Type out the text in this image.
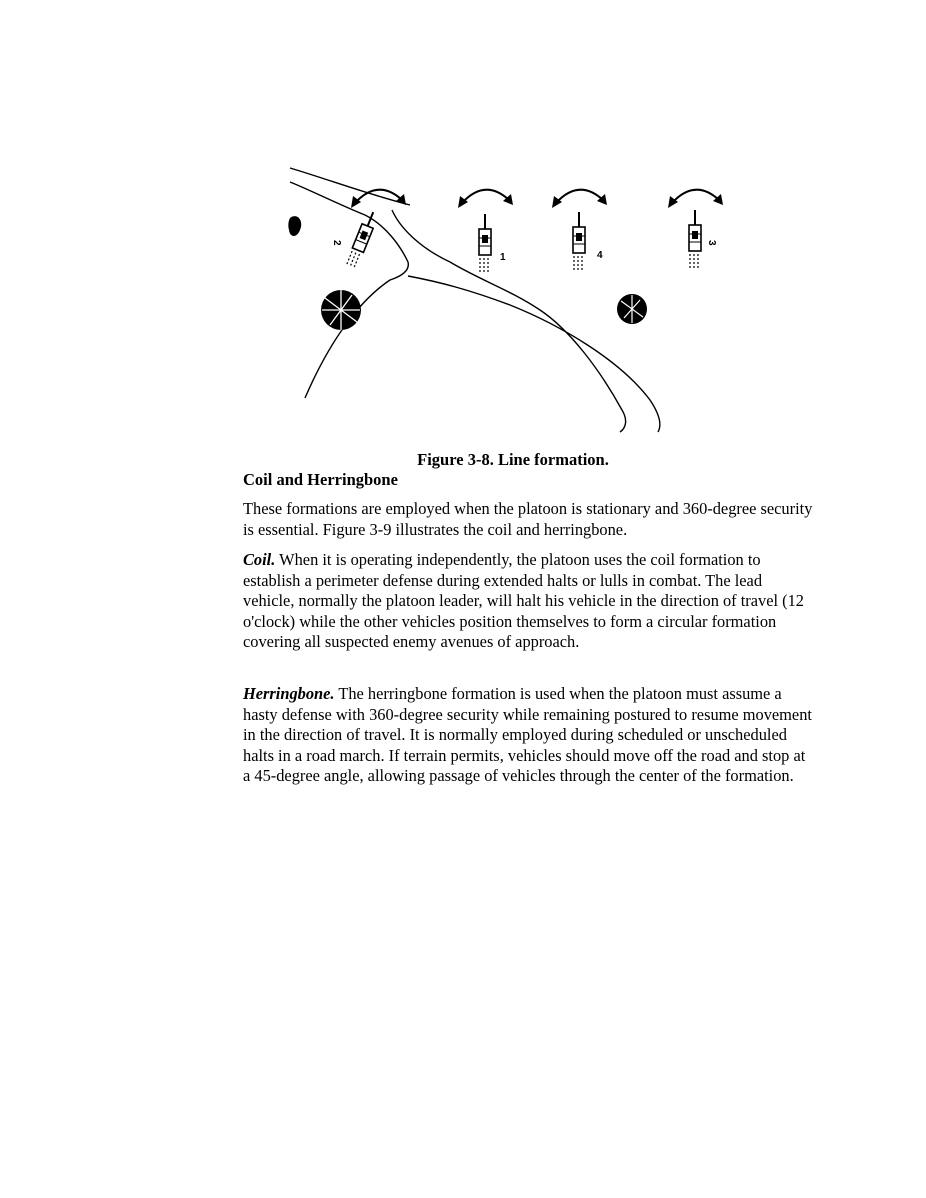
2
1	4
3
Figure 3-8. Line formation.
Coil and Herringbone

These formations are employed when the platoon is stationary and 360-degree security is essential. Figure 3-9 illustrates the coil and herringbone.

Coil. When it is operating independently, the platoon uses the coil formation to establish a perimeter defense during extended halts or lulls in combat. The lead vehicle, normally the platoon leader, will halt his vehicle in the direction of travel (12 o'clock) while the other vehicles position themselves to form a circular formation covering all suspected enemy avenues of approach.

Herringbone. The herringbone formation is used when the platoon must assume a hasty defense with 360-degree security while remaining postured to resume movement in the direction of travel. It is normally employed during scheduled or unscheduled halts in a road march. If terrain permits, vehicles should move off the road and stop at a 45-degree angle, allowing passage of vehicles through the center of the formation.
